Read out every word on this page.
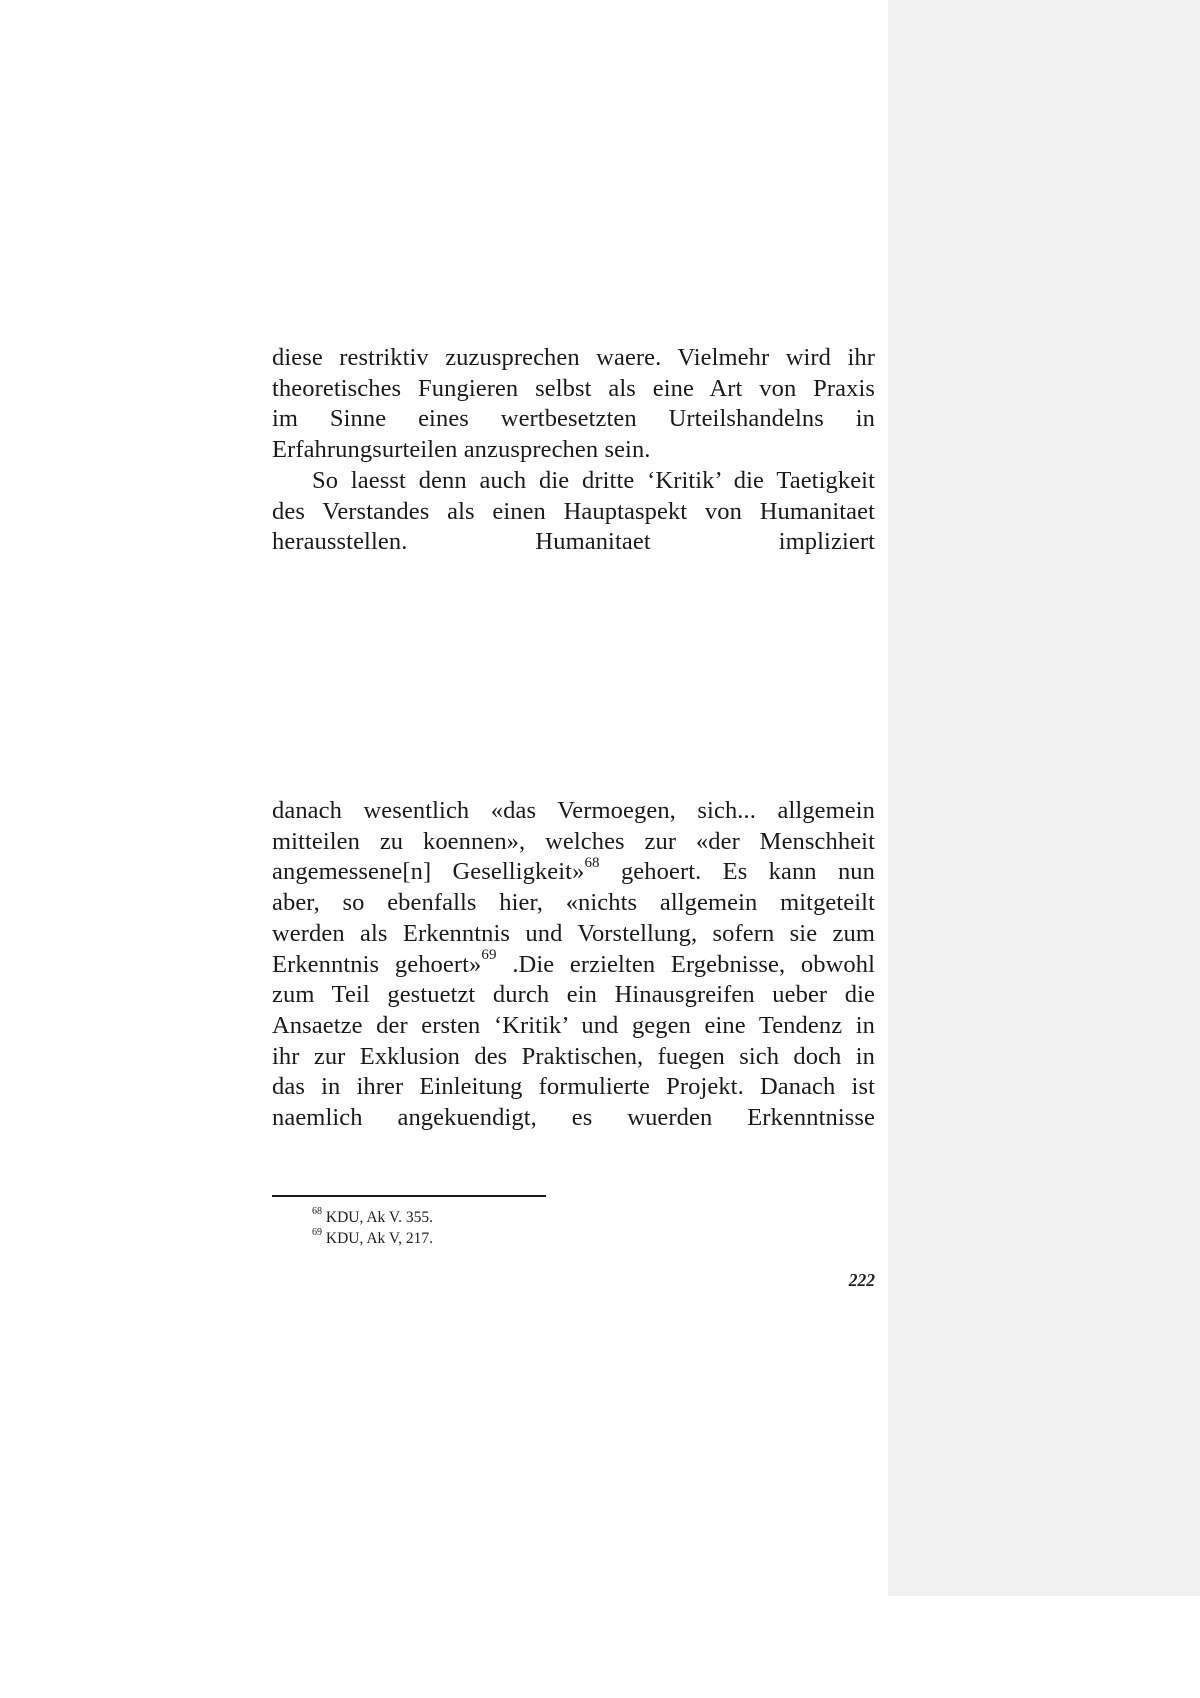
diese restriktiv zuzusprechen waere. Vielmehr wird ihr

theoretisches Fungieren selbst als eine Art von Praxis

im Sinne eines wertbesetzten Urteilshandelns in

Erfahrungsurteilen anzusprechen sein.

So laesst denn auch die dritte ‘Kritik’ die Taetigkeit

des Verstandes als einen Hauptaspekt von Humanitaet

herausstellen. Humanitaet impliziert

danach wesentlich «das Vermoegen, sich... allgemein

mitteilen zu koennen», welches zur «der Menschheit

angemessene[n] Geselligkeit»$^{68}$ gehoert. Es kann nun

aber, so ebenfalls hier, «nichts allgemein mitgeteilt

werden als Erkenntnis und Vorstellung, sofern sie zum

Erkenntnis gehoert»$^{69}$ .Die erzielten Ergebnisse, obwohl

zum Teil gestuetzt durch ein Hinausgreifen ueber die

Ansaetze der ersten ‘Kritik’ und gegen eine Tendenz in

ihr zur Exklusion des Praktischen, fuegen sich doch in

das in ihrer Einleitung formulierte Projekt. Danach ist

naemlich angekuendigt, es wuerden Erkenntnisse

$^{68}$ KDU, Ak V. 355.
$^{69}$ KDU, Ak V, 217.
222
